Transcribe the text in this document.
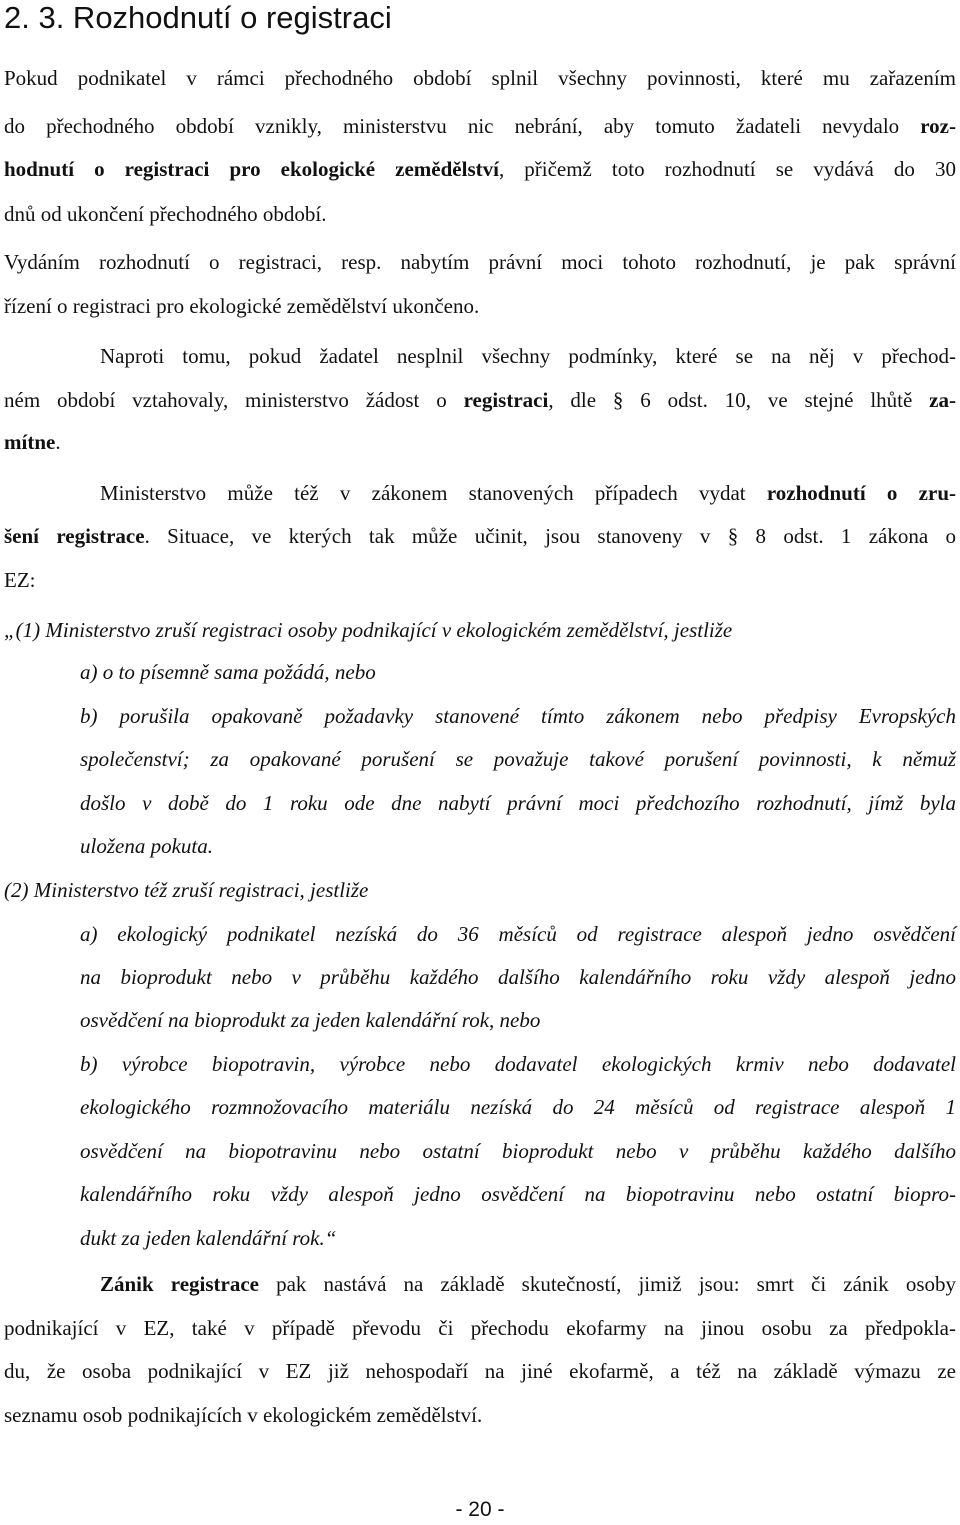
2. 3. Rozhodnutí o registraci
Pokud podnikatel v rámci přechodného období splnil všechny povinnosti, které mu zařazením
do přechodného období vznikly, ministerstvu nic nebrání, aby tomuto žadateli nevydalo roz-
hodnutí o registraci pro ekologické zemědělství, přičemž toto rozhodnutí se vydává do 30
dnů od ukončení přechodného období.
Vydáním rozhodnutí o registraci, resp. nabytím právní moci tohoto rozhodnutí, je pak správní
řízení o registraci pro ekologické zemědělství ukončeno.
Naproti tomu, pokud žadatel nesplnil všechny podmínky, které se na něj v přechod-
ném období vztahovaly, ministerstvo žádost o registraci, dle § 6 odst. 10, ve stejné lhůtě za-
mítne.
Ministerstvo může též v zákonem stanovených případech vydat rozhodnutí o zru-
šení registrace. Situace, ve kterých tak může učinit, jsou stanoveny v § 8 odst. 1 zákona o
EZ:
„(1) Ministerstvo zruší registraci osoby podnikající v ekologickém zemědělství, jestliže
a) o to písemně sama požádá, nebo
b) porušila opakovaně požadavky stanovené tímto zákonem nebo předpisy Evropských
společenství; za opakované porušení se považuje takové porušení povinnosti, k němuž
došlo v době do 1 roku ode dne nabytí právní moci předchozího rozhodnutí, jímž byla
uložena pokuta.
(2) Ministerstvo též zruší registraci, jestliže
a) ekologický podnikatel nezíská do 36 měsíců od registrace alespoň jedno osvědčení
na bioprodukt nebo v průběhu každého dalšího kalendářního roku vždy alespoň jedno
osvědčení na bioprodukt za jeden kalendářní rok, nebo
b) výrobce biopotravin, výrobce nebo dodavatel ekologických krmiv nebo dodavatel
ekologického rozmnožovacího materiálu nezíská do 24 měsíců od registrace alespoň 1
osvědčení na biopotravinu nebo ostatní bioprodukt nebo v průběhu každého dalšího
kalendářního roku vždy alespoň jedno osvědčení na biopotravinu nebo ostatní biopro-
dukt za jeden kalendářní rok.“
Zánik registrace pak nastává na základě skutečností, jimiž jsou: smrt či zánik osoby
podnikající v EZ, také v případě převodu či přechodu ekofarmy na jinou osobu za předpokla-
du, že osoba podnikající v EZ již nehospodaří na jiné ekofarmě, a též na základě výmazu ze
seznamu osob podnikajících v ekologickém zemědělství.
- 20 -
